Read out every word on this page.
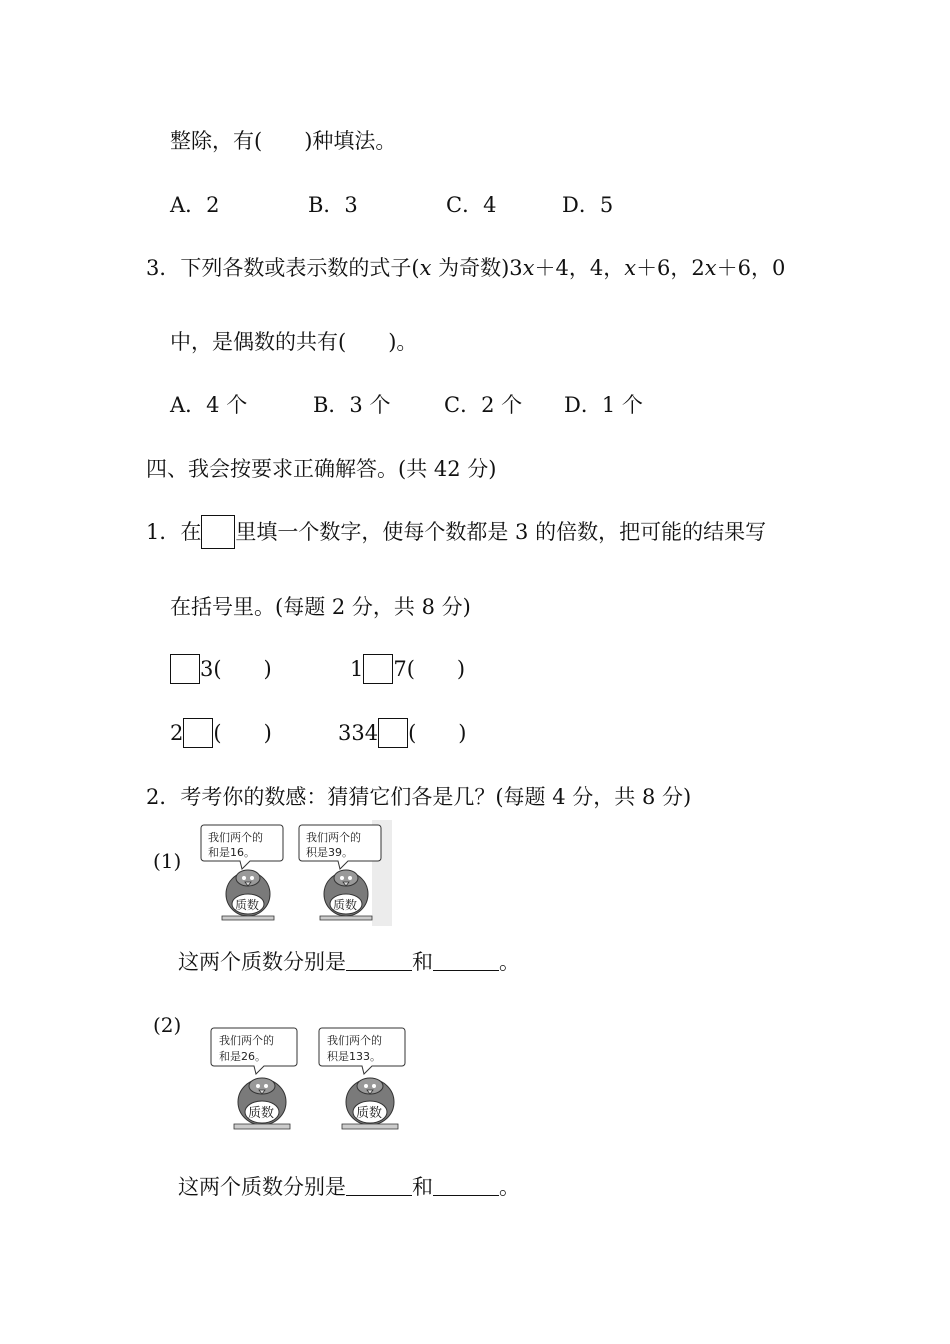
整除，有(　　)种填法。
A．2	B．3	C．4	D．5
3．下列各数或表示数的式子(x 为奇数)3x＋4，4，x＋6，2x＋6，0
中，是偶数的共有(　　)。
A．4 个	B．3 个	C．2 个 D．1 个
四、我会按要求正确解答。(共 42 分)
1．在 里填一个数字，使每个数都是 3 的倍数，把可能的结果写
在括号里。(每题 2 分，共 8 分)
3(　　)	1 7(　　)
2 (　　)	334 (　　)
2．考考你的数感：猜猜它们各是几？(每题 4 分，共 8 分)
(1)
我们两个的
和是16。
我们两个的
积是39。
质数	质数
这两个质数分别是	和	。
(2)
我们两个的
和是26。
我们两个的
积是133。
质数	质数
这两个质数分别是	和	。
